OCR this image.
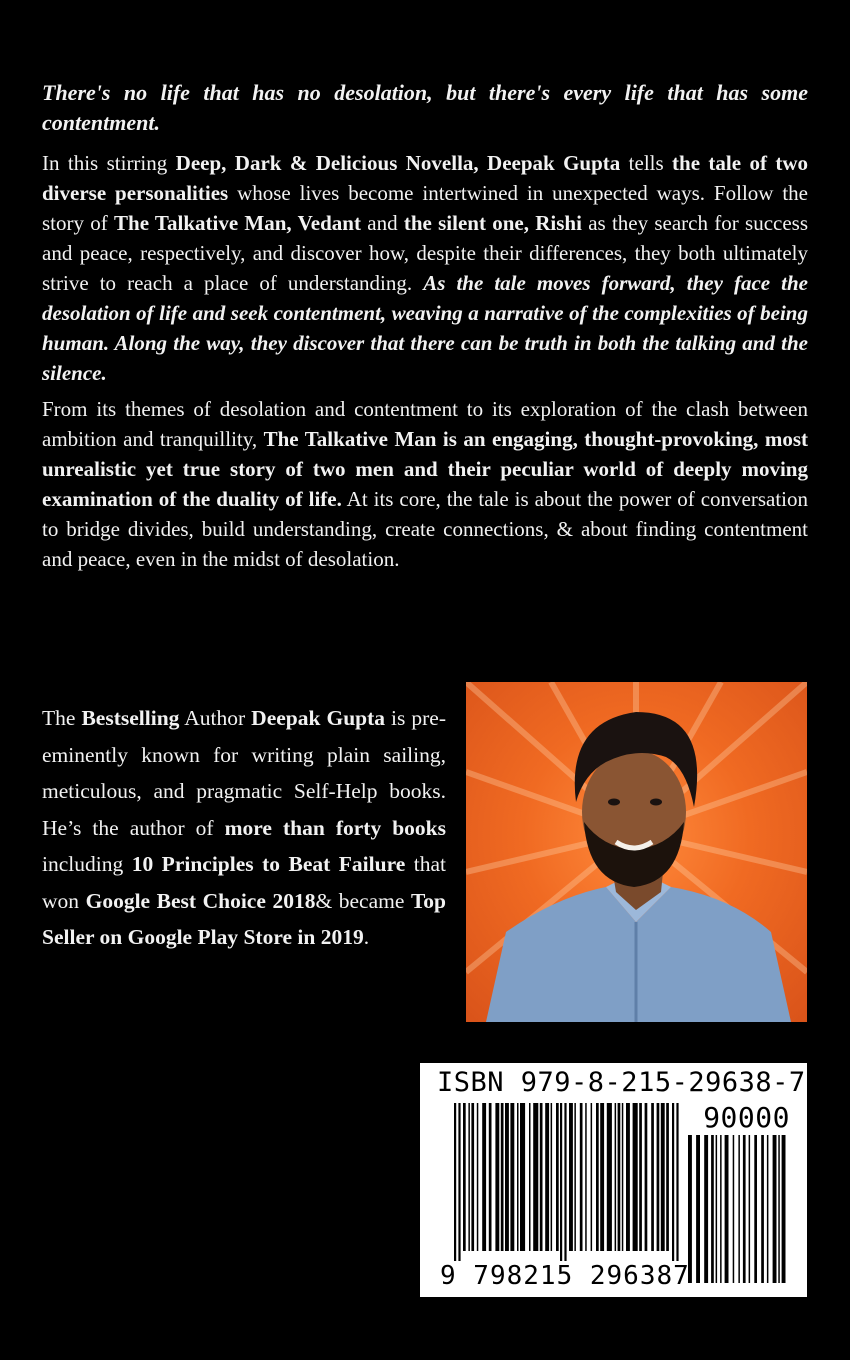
There's no life that has no desolation, but there's every life that has some contentment.

In this stirring Deep, Dark & Delicious Novella, Deepak Gupta tells the tale of two diverse personalities whose lives become intertwined in unexpected ways. Follow the story of The Talkative Man, Vedant and the silent one, Rishi as they search for success and peace, respectively, and discover how, despite their differences, they both ultimately strive to reach a place of understanding. As the tale moves forward, they face the desolation of life and seek contentment, weaving a narrative of the complexities of being human. Along the way, they discover that there can be truth in both the talking and the silence.

From its themes of desolation and contentment to its exploration of the clash between ambition and tranquillity, The Talkative Man is an engaging, thought-provoking, most unrealistic yet true story of two men and their peculiar world of deeply moving examination of the duality of life. At its core, the tale is about the power of conversation to bridge divides, build understanding, create connections, & about finding contentment and peace, even in the midst of desolation.

The Bestselling Author Deepak Gupta is pre-eminently known for writing plain sailing, meticulous, and pragmatic Self-Help books. He’s the author of more than forty books including 10 Principles to Beat Failure that won Google Best Choice 2018& became Top Seller on Google Play Store in 2019.

ISBN 979-8-215-29638-7
90000
9 798215 296387
